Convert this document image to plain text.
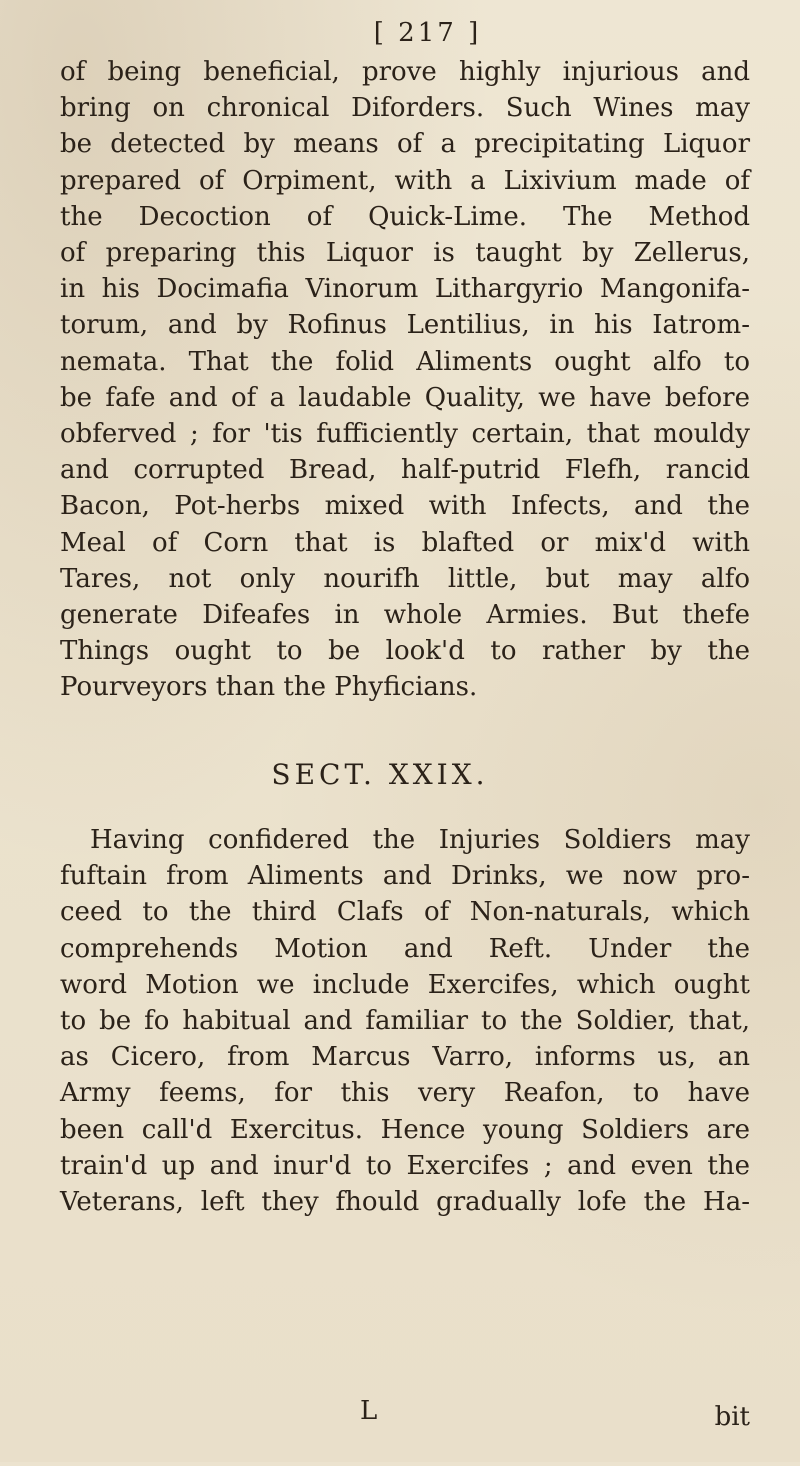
[ 217 ]
of being beneficial, prove highly injurious and
bring on chronical Diforders. Such Wines may
be detected by means of a precipitating Liquor
prepared of Orpiment, with a Lixivium made of
the Decoction of Quick-Lime. The Method
of preparing this Liquor is taught by Zellerus,
in his Docimafia Vinorum Lithargyrio Mangonifa-
torum, and by Rofinus Lentilius, in his Iatrom-
nemata. That the folid Aliments ought alfo to
be fafe and of a laudable Quality, we have before
obferved ; for 'tis fufficiently certain, that mouldy
and corrupted Bread, half-putrid Flefh, rancid
Bacon, Pot-herbs mixed with Infects, and the
Meal of Corn that is blafted or mix'd with
Tares, not only nourifh little, but may alfo
generate Difeafes in whole Armies. But thefe
Things ought to be look'd to rather by the
Pourveyors than the Phyficians.
SECT. XXIX.
Having confidered the Injuries Soldiers may
fuftain from Aliments and Drinks, we now pro-
ceed to the third Clafs of Non-naturals, which
comprehends Motion and Reft. Under the
word Motion we include Exercifes, which ought
to be fo habitual and familiar to the Soldier, that,
as Cicero, from Marcus Varro, informs us, an
Army feems, for this very Reafon, to have
been call'd Exercitus. Hence young Soldiers are
train'd up and inur'd to Exercifes ; and even the
Veterans, left they fhould gradually lofe the Ha-
L	bit
